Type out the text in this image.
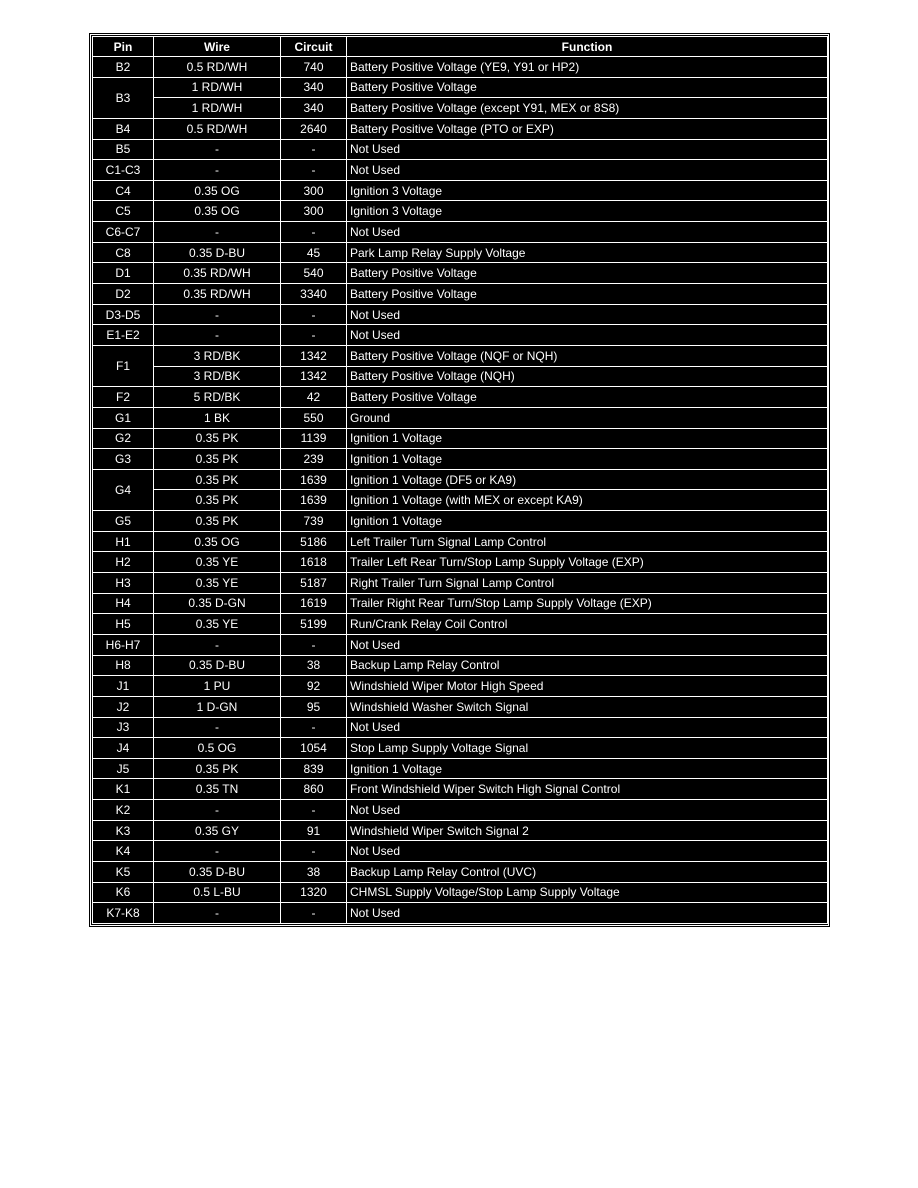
Pin	Wire	Circuit	Function
B2	0.5 RD/WH	740	Battery Positive Voltage (YE9, Y91 or HP2)
B3	1 RD/WH	340	Battery Positive Voltage
	1 RD/WH	340	Battery Positive Voltage (except Y91, MEX or 8S8)
B4	0.5 RD/WH	2640	Battery Positive Voltage (PTO or EXP)
B5	-	-	Not Used
C1-C3	-	-	Not Used
C4	0.35 OG	300	Ignition 3 Voltage
C5	0.35 OG	300	Ignition 3 Voltage
C6-C7	-	-	Not Used
C8	0.35 D-BU	45	Park Lamp Relay Supply Voltage
D1	0.35 RD/WH	540	Battery Positive Voltage
D2	0.35 RD/WH	3340	Battery Positive Voltage
D3-D5	-	-	Not Used
E1-E2	-	-	Not Used
F1	3 RD/BK	1342	Battery Positive Voltage (NQF or NQH)
	3 RD/BK	1342	Battery Positive Voltage (NQH)
F2	5 RD/BK	42	Battery Positive Voltage
G1	1 BK	550	Ground
G2	0.35 PK	1139	Ignition 1 Voltage
G3	0.35 PK	239	Ignition 1 Voltage
G4	0.35 PK	1639	Ignition 1 Voltage (DF5 or KA9)
	0.35 PK	1639	Ignition 1 Voltage (with MEX or except KA9)
G5	0.35 PK	739	Ignition 1 Voltage
H1	0.35 OG	5186	Left Trailer Turn Signal Lamp Control
H2	0.35 YE	1618	Trailer Left Rear Turn/Stop Lamp Supply Voltage (EXP)
H3	0.35 YE	5187	Right Trailer Turn Signal Lamp Control
H4	0.35 D-GN	1619	Trailer Right Rear Turn/Stop Lamp Supply Voltage (EXP)
H5	0.35 YE	5199	Run/Crank Relay Coil Control
H6-H7	-	-	Not Used
H8	0.35 D-BU	38	Backup Lamp Relay Control
J1	1 PU	92	Windshield Wiper Motor High Speed
J2	1 D-GN	95	Windshield Washer Switch Signal
J3	-	-	Not Used
J4	0.5 OG	1054	Stop Lamp Supply Voltage Signal
J5	0.35 PK	839	Ignition 1 Voltage
K1	0.35 TN	860	Front Windshield Wiper Switch High Signal Control
K2	-	-	Not Used
K3	0.35 GY	91	Windshield Wiper Switch Signal 2
K4	-	-	Not Used
K5	0.35 D-BU	38	Backup Lamp Relay Control (UVC)
K6	0.5 L-BU	1320	CHMSL Supply Voltage/Stop Lamp Supply Voltage
K7-K8	-	-	Not Used
